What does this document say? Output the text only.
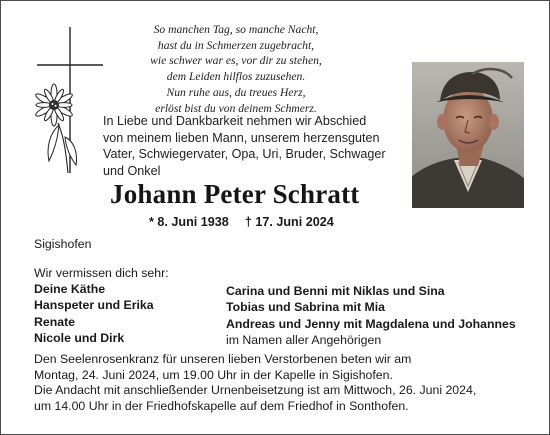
So manchen Tag, so manche Nacht,
hast du in Schmerzen zugebracht,
wie schwer war es, vor dir zu stehen,
dem Leiden hilflos zuzusehen.
Nun ruhe aus, du treues Herz,
erlöst bist du von deinem Schmerz.
In Liebe und Dankbarkeit nehmen wir Abschied
von meinem lieben Mann, unserem herzensguten
Vater, Schwiegervater, Opa, Uri, Bruder, Schwager
und Onkel
Johann Peter Schratt
* 8. Juni 1938 † 17. Juni 2024
Sigishofen
Wir vermissen dich sehr:
Deine Käthe
Hanspeter und Erika
Renate
Nicole und Dirk
Carina und Benni mit Niklas und Sina
Tobias und Sabrina mit Mia
Andreas und Jenny mit Magdalena und Johannes
im Namen aller Angehörigen
Den Seelenrosenkranz für unseren lieben Verstorbenen beten wir am
Montag, 24. Juni 2024, um 19.00 Uhr in der Kapelle in Sigishofen.
Die Andacht mit anschließender Urnenbeisetzung ist am Mittwoch, 26. Juni 2024,
um 14.00 Uhr in der Friedhofskapelle auf dem Friedhof in Sonthofen.
